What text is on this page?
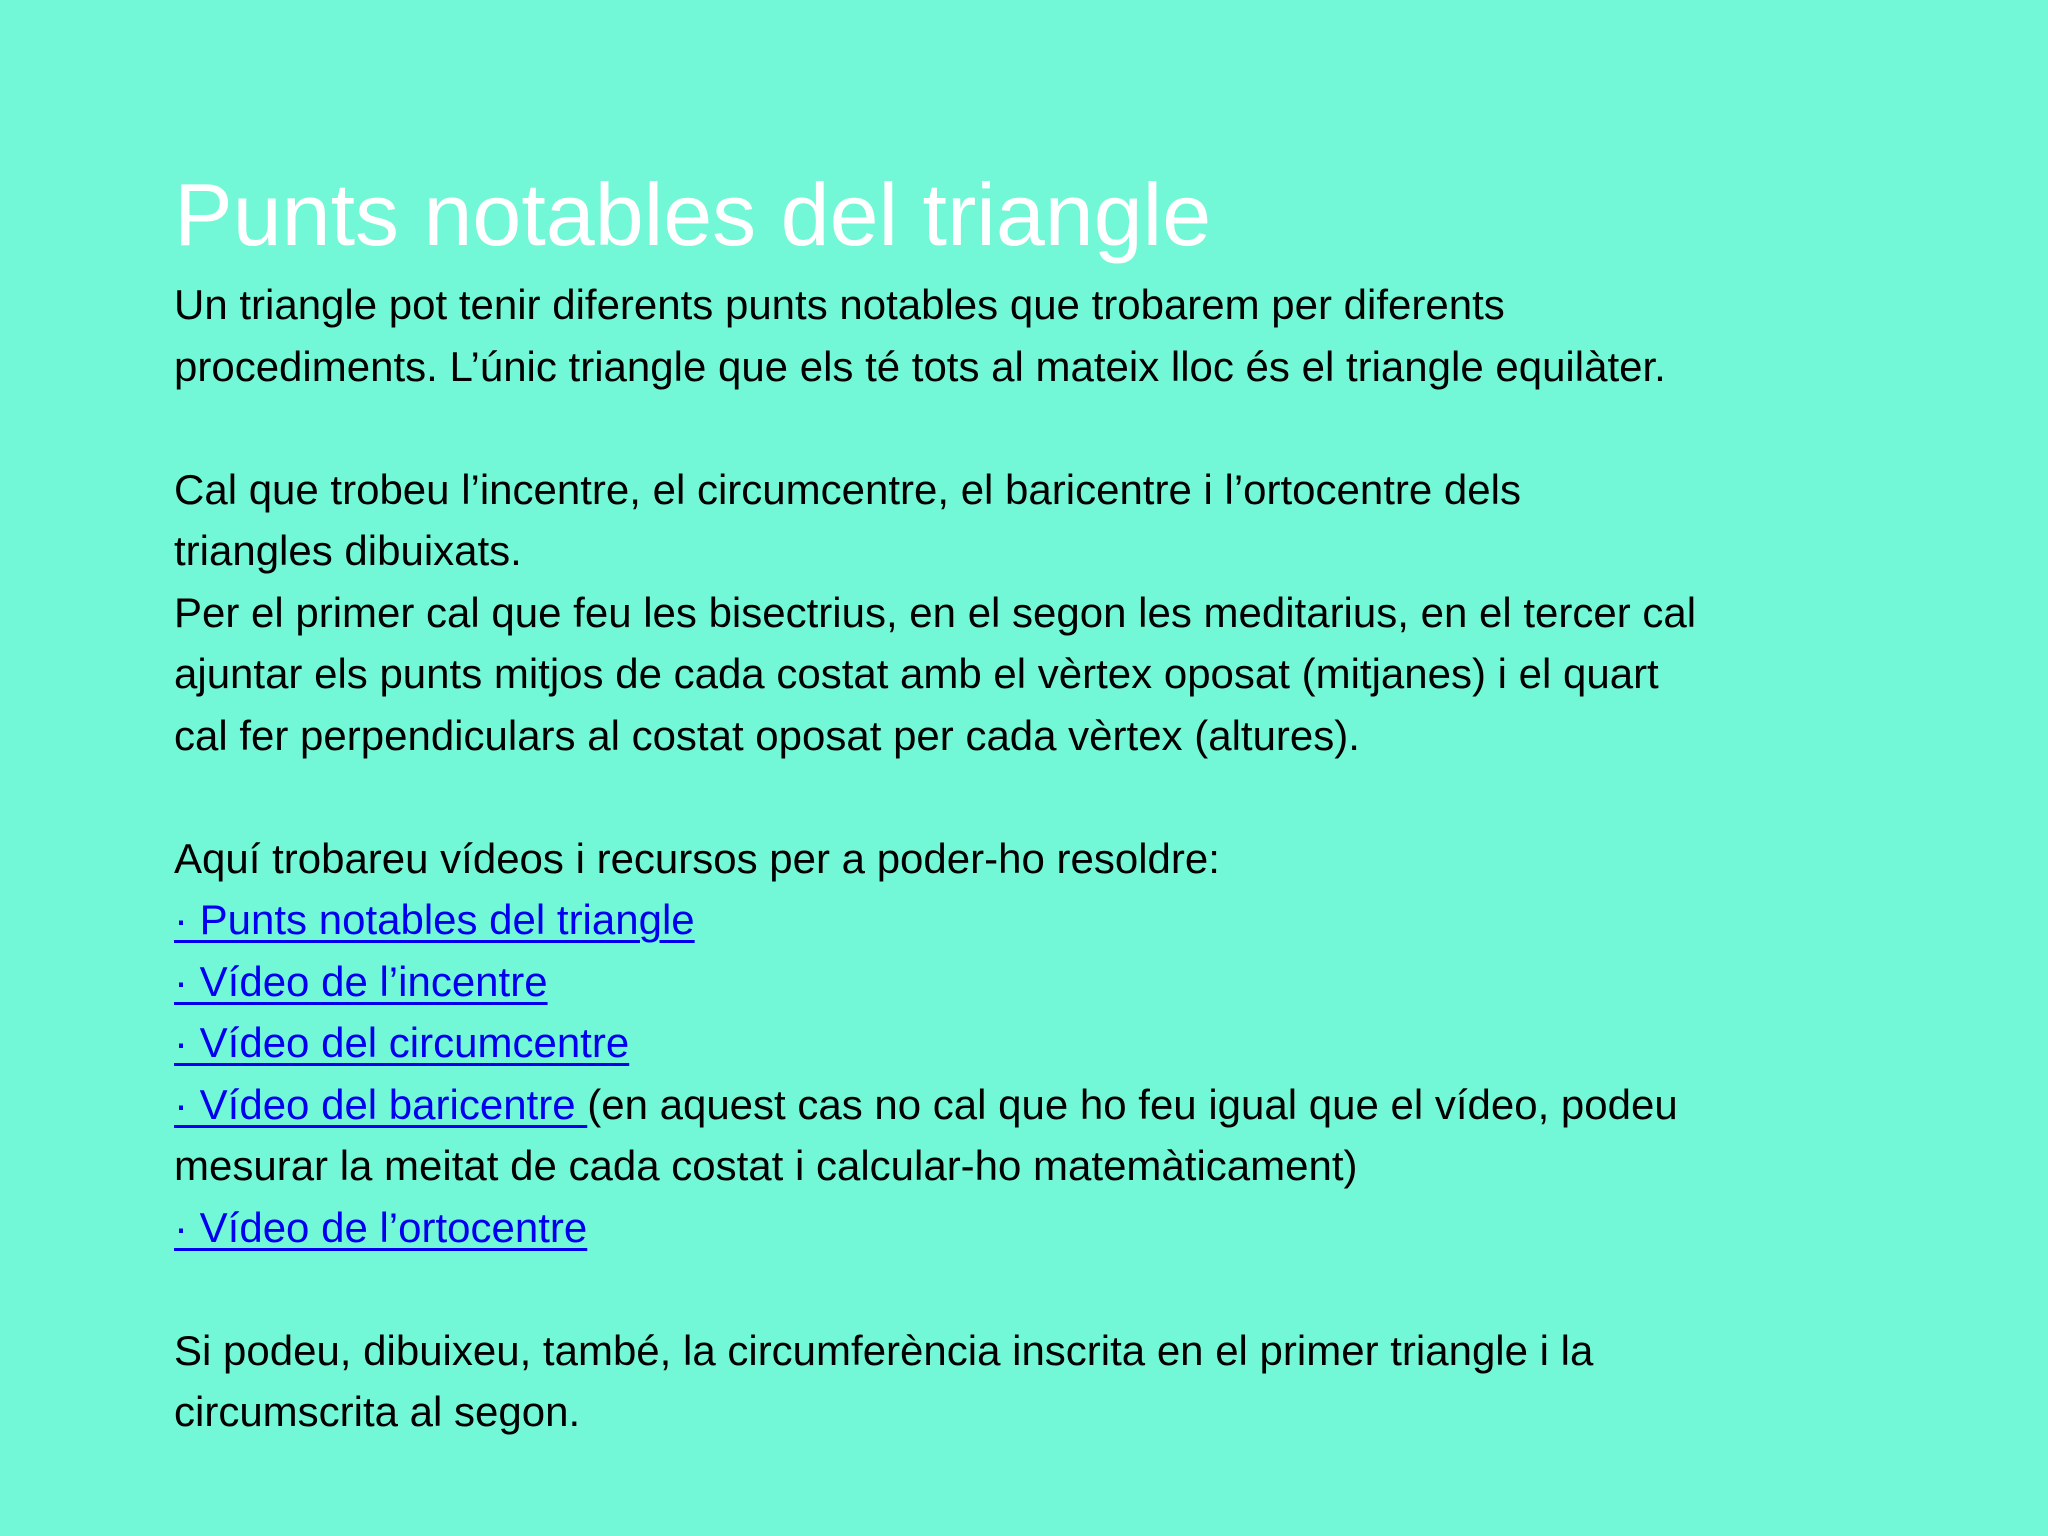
Punts notables del triangle

Un triangle pot tenir diferents punts notables que trobarem per diferents

procediments. L’únic triangle que els té tots al mateix lloc és el triangle equilàter.

Cal que trobeu l’incentre, el circumcentre, el baricentre i l’ortocentre dels

triangles dibuixats.

Per el primer cal que feu les bisectrius, en el segon les meditarius, en el tercer cal

ajuntar els punts mitjos de cada costat amb el vèrtex oposat (mitjanes) i el quart

cal fer perpendiculars al costat oposat per cada vèrtex (altures).

Aquí trobareu vídeos i recursos per a poder-ho resoldre:

· Punts notables del triangle

· Vídeo de l’incentre

· Vídeo del circumcentre

· Vídeo del baricentre (en aquest cas no cal que ho feu igual que el vídeo, podeu

mesurar la meitat de cada costat i calcular-ho matemàticament)

· Vídeo de l’ortocentre

Si podeu, dibuixeu, també, la circumferència inscrita en el primer triangle i la

circumscrita al segon.
